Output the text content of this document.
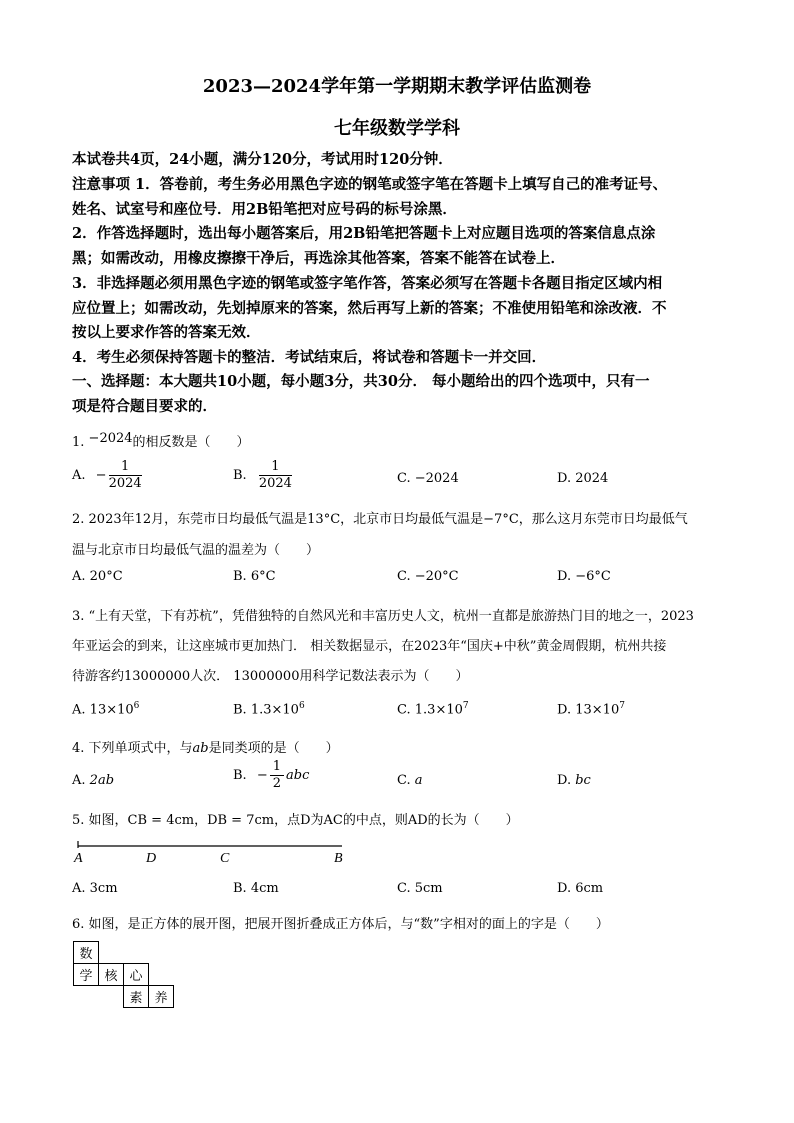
2023—2024学年第一学期期末教学评估监测卷
七年级数学学科
本试卷共4页，24小题，满分120分，考试用时120分钟．
注意事项 1．答卷前，考生务必用黑色字迹的钢笔或签字笔在答题卡上填写自己的准考证号、
姓名、试室号和座位号．用2B铅笔把对应号码的标号涂黑．
2．作答选择题时，选出每小题答案后，用2B铅笔把答题卡上对应题目选项的答案信息点涂
黑；如需改动，用橡皮擦擦干净后，再选涂其他答案，答案不能答在试卷上．
3．非选择题必须用黑色字迹的钢笔或签字笔作答，答案必须写在答题卡各题目指定区域内相
应位置上；如需改动，先划掉原来的答案，然后再写上新的答案；不准使用铅笔和涂改液．不
按以上要求作答的答案无效．
4．考生必须保持答题卡的整洁．考试结束后，将试卷和答题卡一并交回．
一、选择题：本大题共10小题，每小题3分，共30分． 每小题给出的四个选项中，只有一
项是符合题目要求的．
1. −2024的相反数是（　　）
A. − $\frac{1}{2024}$	B. $\frac{1}{2024}$	C. −2024	D. 2024
2. 2023年12月，东莞市日均最低气温是13°C，北京市日均最低气温是−7°C，那么这月东莞市日均最低气
温与北京市日均最低气温的温差为（　　）
A. 20°C	B. 6°C	C. −20°C	D. −6°C
3. “上有天堂，下有苏杭”，凭借独特的自然风光和丰富历史人文，杭州一直都是旅游热门目的地之一，2023
年亚运会的到来，让这座城市更加热门． 相关数据显示，在2023年“国庆+中秋”黄金周假期，杭州共接
待游客约13000000人次． 13000000用科学记数法表示为（　　）
A. $13\times 10^6$	B. $1.3\times 10^6$	C. $1.3\times 10^7$	D. $13\times 10^7$
4. 下列单项式中，与ab是同类项的是（　　）
A. 2ab	B. − $\frac{1}{2}$ abc	C. a	D. bc
5. 如图，CB = 4cm，DB = 7cm，点D为AC的中点，则AD的长为（　　）
A	D	C	B
A. 3cm	B. 4cm	C. 5cm	D. 6cm
6. 如图，是正方体的展开图，把展开图折叠成正方体后，与“数”字相对的面上的字是（　　）
数			
学	核	心	
		素	养
